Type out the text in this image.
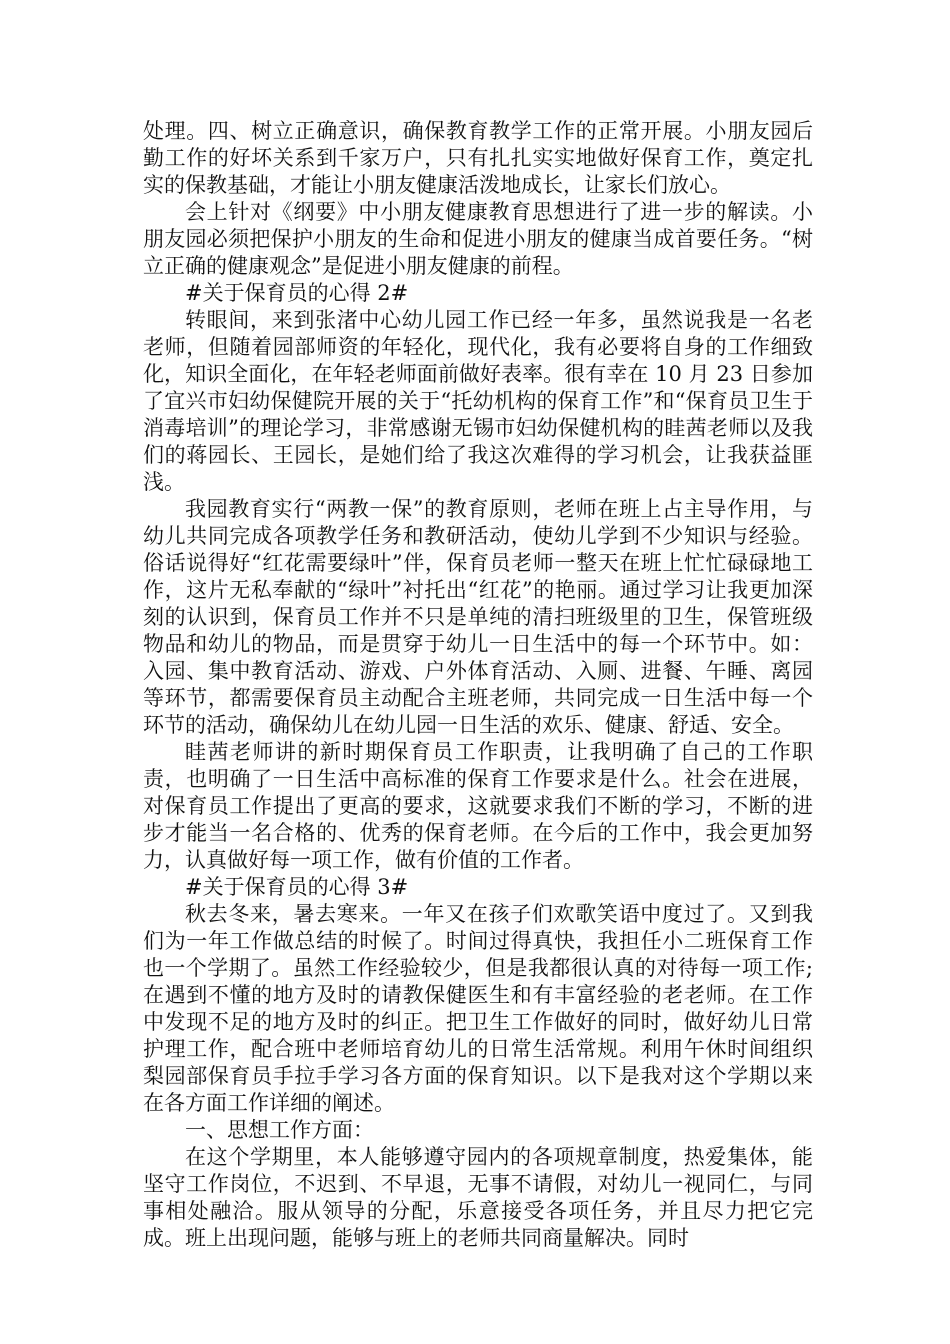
处理。四、树立正确意识，确保教育教学工作的正常开展。小朋友园后勤工作的好坏关系到千家万户，只有扎扎实实地做好保育工作，奠定扎实的保教基础，才能让小朋友健康活泼地成长，让家长们放心。

会上针对《纲要》中小朋友健康教育思想进行了进一步的解读。小朋友园必须把保护小朋友的生命和促进小朋友的健康当成首要任务。“树立正确的健康观念”是促进小朋友健康的前程。

#关于保育员的心得 2#

转眼间，来到张渚中心幼儿园工作已经一年多，虽然说我是一名老老师，但随着园部师资的年轻化，现代化，我有必要将自身的工作细致化，知识全面化，在年轻老师面前做好表率。很有幸在 10 月 23 日参加了宜兴市妇幼保健院开展的关于“托幼机构的保育工作”和“保育员卫生于消毒培训”的理论学习，非常感谢无锡市妇幼保健机构的眭茜老师以及我们的蒋园长、王园长，是她们给了我这次难得的学习机会，让我获益匪浅。

我园教育实行“两教一保”的教育原则，老师在班上占主导作用，与幼儿共同完成各项教学任务和教研活动，使幼儿学到不少知识与经验。俗话说得好“红花需要绿叶”伴，保育员老师一整天在班上忙忙碌碌地工作，这片无私奉献的“绿叶”衬托出“红花”的艳丽。通过学习让我更加深刻的认识到，保育员工作并不只是单纯的清扫班级里的卫生，保管班级物品和幼儿的物品，而是贯穿于幼儿一日生活中的每一个环节中。如：入园、集中教育活动、游戏、户外体育活动、入厕、进餐、午睡、离园等环节，都需要保育员主动配合主班老师，共同完成一日生活中每一个环节的活动，确保幼儿在幼儿园一日生活的欢乐、健康、舒适、安全。

眭茜老师讲的新时期保育员工作职责，让我明确了自己的工作职责，也明确了一日生活中高标准的保育工作要求是什么。社会在进展，对保育员工作提出了更高的要求，这就要求我们不断的学习，不断的进步才能当一名合格的、优秀的保育老师。在今后的工作中，我会更加努力，认真做好每一项工作，做有价值的工作者。

#关于保育员的心得 3#

秋去冬来，暑去寒来。一年又在孩子们欢歌笑语中度过了。又到我们为一年工作做总结的时候了。时间过得真快，我担任小二班保育工作也一个学期了。虽然工作经验较少，但是我都很认真的对待每一项工作;在遇到不懂的地方及时的请教保健医生和有丰富经验的老老师。在工作中发现不足的地方及时的纠正。把卫生工作做好的同时，做好幼儿日常护理工作，配合班中老师培育幼儿的日常生活常规。利用午休时间组织梨园部保育员手拉手学习各方面的保育知识。以下是我对这个学期以来在各方面工作详细的阐述。

一、思想工作方面：

在这个学期里，本人能够遵守园内的各项规章制度，热爱集体，能坚守工作岗位，不迟到、不早退，无事不请假，对幼儿一视同仁，与同事相处融洽。服从领导的分配，乐意接受各项任务，并且尽力把它完成。班上出现问题，能够与班上的老师共同商量解决。同时
